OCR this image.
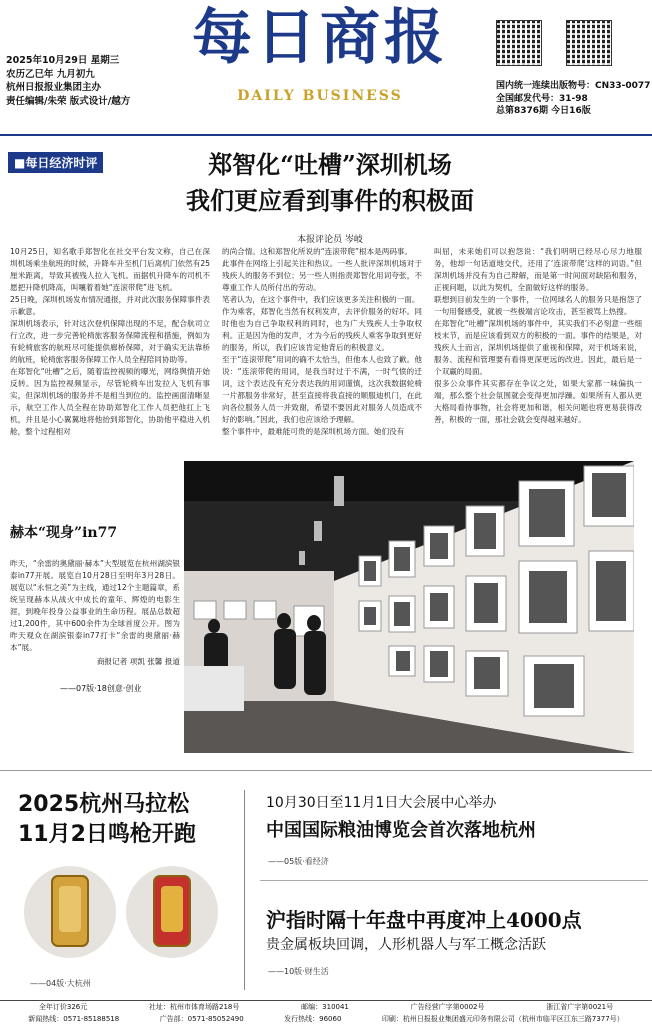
2025年10月29日 星期三
农历乙巳年 九月初九
杭州日报报业集团主办
责任编辑/朱荣 版式设计/越方
每日商报
DAILY BUSINESS
国内统一连续出版物号：CN33-0077
全国邮发代号：31-98
总第8376期 今日16版
■每日经济时评	郑智化“吐槽”深圳机场
我们更应看到事件的积极面
本报评论员 岑岐
10月25日，知名歌手郑智化在社交平台发文称，自己在深圳机场乘坐航班的时候，升降车升至机门后离机门依然有25厘米距离，导致其被残人拉入飞机。而据机升降车的司机不愿把升降机降高，叫嚷着着她“连滚带爬”进飞机。
25日晚，深圳机场发布情况通报，并对此次服务保障事件表示歉意。
深圳机场表示，针对这次登机保障出现的不足，配合航司立行立改，进一步完善轮椅旅客服务保障流程和措施，例如为有轮椅旅客的航班尽可能提供廊桥保障，对于确实无法靠桥的航班，轮椅旅客服务保障工作人员全程陪同协助等。
在郑智化“吐槽”之后，随着监控视频的曝光，网络舆情开始反转。因为监控视频显示，尽管轮椅车出发拉入飞机有事实，但深圳机场的服务并不是相当到位的。监控画面清晰显示，航空工作人员全程在协助郑智化工作人员把他扛上飞机，并且是小心翼翼地将他抬到郑智化，协助他平稳进入机舱，整个过程相对
的尚合情。这和郑智化所说的“连滚带爬”根本是两码事。
此事件在网络上引起关注和热议。一些人批评深圳机场对于残疾人的服务不到位；另一些人则指责郑智化用词夸张，不尊重工作人员所付出的劳动。
笔者认为，在这个事件中，我们应该更多关注积极的一面。
作为乘客，郑智化当然有权利发声，去评价服务的好坏。同时他也为自己争取权利的同时，也为广大残疾人士争取权利。正是因为他的发声，才为今后的残疾人乘客争取到更好的服务，所以，我们应该肯定他背后的积极意义。
至于“连滚带爬”用词的确不太恰当，但他本人也致了歉。他说：“连滚带爬的用词，是我当时过于不满，一时气愤的迁词，这个表达没有充分表达我的用词谨慎，这次我数据轮椅一片都服务非常好，甚至直接将我直接的顺服迪机门，在此向各位服务人员一并致谢，希望不要因此对服务人员造成不好的影响。”因此，我们也应该给予理解。
整个事件中，最难能可贵的是深圳机场方面。她们没有
叫屈，未来她们可以抱怨说：“我们明明已经尽心尽力地服务，他却一句话道地交代，还用了‘连滚带爬’这样的词语。”但深圳机场并没有为自己辩解，而是第一时间面对缺陷和服务，正视问题，以此为契机，全面做好这样的服务。
联想到目前发生的一个事件，一位网球名人的服务只是抱怨了一句用餐感受，就被一些极端言论攻击，甚至被骂上热搜。
在郑智化“吐槽”深圳机场的事件中，其实我们不必刻意一些细枝末节，而是应该看到双方的积极的一面。事件的结果是，对残疾人士而言，深圳机场提供了重视和保障，对于机场来说，服务、流程和管理要有看得更深更远的改进。因此，最后是一个双赢的局面。
很多公众事件其实都存在争议之处，如果大家都一味偏执一端，那么整个社会氛围就会变得更加浮躁。如果所有人都从更大格局看待事物，社会将更加和谐，相关问题也将更易获得改善，积极的一面，那社会就会变得越来越好。
赫本“现身”in77
昨天，“余雷的奥黛丽·赫本”大型展览在杭州湖滨银泰in77开展。展览自10月28日至明年3月28日。展览以“永恒之美”为主线，通过12个主题篇章，系统呈现赫本从战火中成长的童年、辉煌的电影生涯，到晚年投身公益事业的生命历程。展品总数超过1,200件，其中600余件为全球首度公开。图为昨天观众在湖滨银泰in77打卡“余雷的奥黛丽·赫本”展。
商报记者 项凯 张馨 报道
——07版·18创意·创业
2025杭州马拉松
11月2日鸣枪开跑
——04版·大杭州
10月30日至11月1日大会展中心举办
中国国际粮油博览会首次落地杭州
——05版·看经济
沪指时隔十年盘中再度冲上4000点
贵金属板块回调，人形机器人与军工概念活跃
——10版·财生活
全年订价326元	社址：杭州市体育场路218号	邮编：310041	广告经营广字第0002号	浙江省广字第0021号
新闻热线：0571-85188518	广告部：0571-85052490	发行热线：96060	印刷：杭州日报报业集团盛元印务有限公司（杭州市临平区江东三路7377号）
